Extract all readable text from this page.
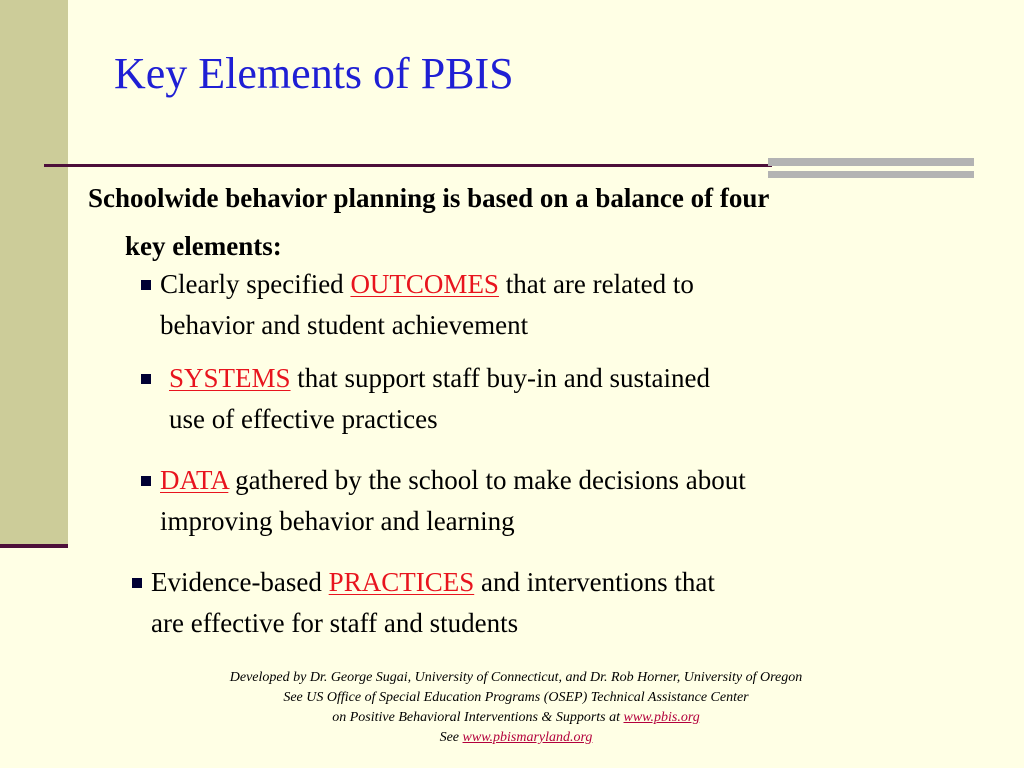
Key Elements of PBIS
Schoolwide behavior planning is based on a balance of four
key elements:
Clearly specified OUTCOMES that are related to
behavior and student achievement
SYSTEMS that support staff buy-in and sustained
use of effective practices
DATA gathered by the school to make decisions about
improving behavior and learning
Evidence-based PRACTICES and interventions that
are effective for staff and students
Developed by Dr. George Sugai, University of Connecticut, and Dr. Rob Horner, University of Oregon
See US Office of Special Education Programs (OSEP) Technical Assistance Center
on Positive Behavioral Interventions & Supports at www.pbis.org
See www.pbismaryland.org
